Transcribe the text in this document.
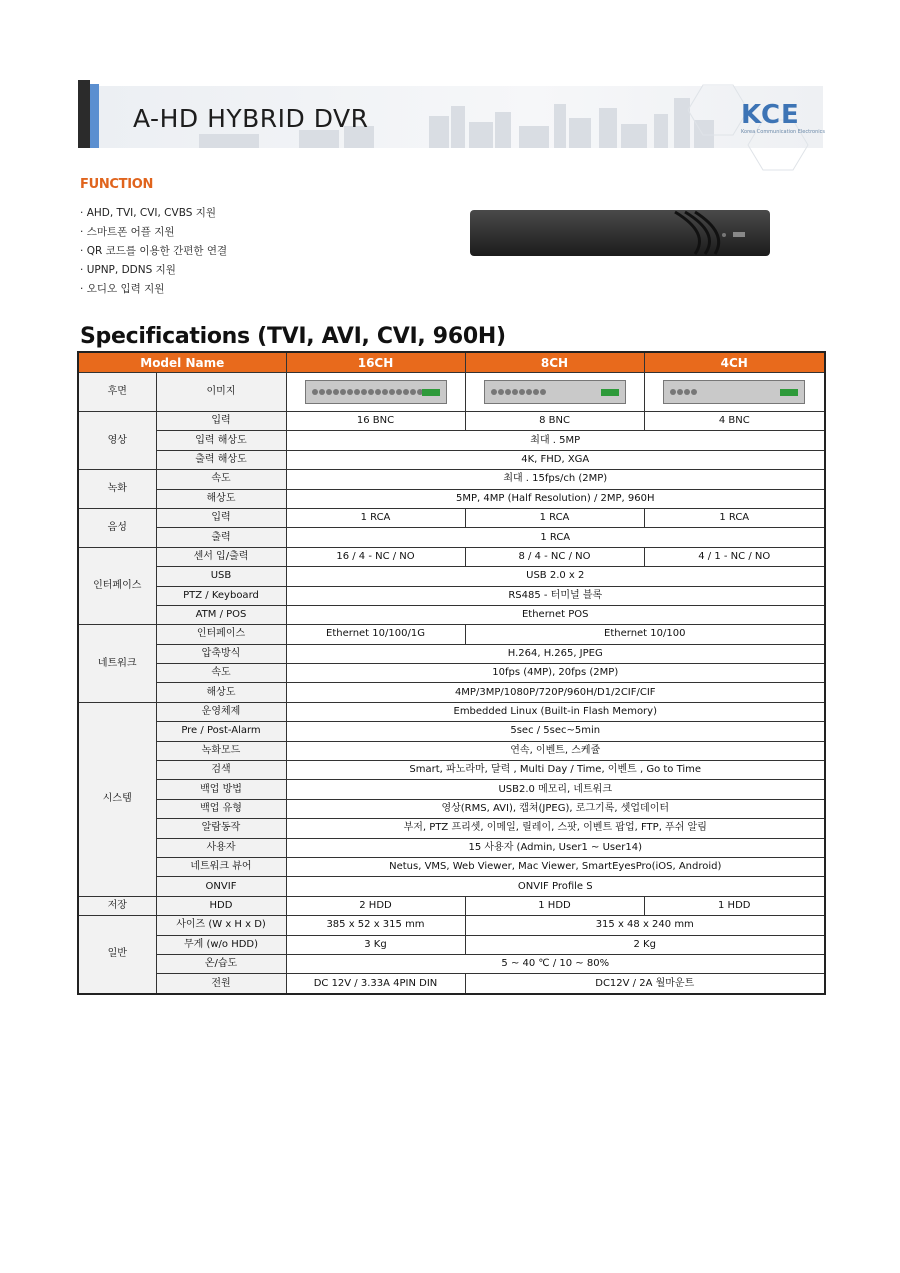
A-HD HYBRID DVR	KCE
Korea Communication Electronics
FUNCTION
· AHD, TVI, CVI, CVBS 지원
· 스마트폰 어플 지원
· QR 코드를 이용한 간편한 연결
· UPNP, DDNS 지원
· 오디오 입력 지원
Specifications (TVI, AVI, CVI, 960H)
Model Name		16CH	8CH	4CH
후면	이미지	

영상	입력	16 BNC	8 BNC	4 BNC
	입력 해상도	최대 . 5MP		
	출력 해상도	4K, FHD, XGA		
녹화	속도	최대 . 15fps/ch (2MP)		
	해상도	5MP, 4MP (Half Resolution) / 2MP, 960H		
음성	입력	1 RCA	1 RCA	1 RCA
	출력	1 RCA		
인터페이스	센서 입/출력	16 / 4 - NC / NO	8 / 4 - NC / NO	4 / 1 - NC / NO
	USB	USB 2.0 x 2		
	PTZ / Keyboard	RS485 - 터미널 블록		
	ATM / POS	Ethernet POS		
네트워크	인터페이스	Ethernet 10/100/1G	Ethernet 10/100	
	압축방식	H.264, H.265, JPEG		
	속도	10fps (4MP), 20fps (2MP)		
	해상도	4MP/3MP/1080P/720P/960H/D1/2CIF/CIF		
시스템	운영체제	Embedded Linux (Built-in Flash Memory)		
	Pre / Post-Alarm	5sec / 5sec~5min		
	녹화모드	연속, 이벤트, 스케쥴		
	검색	Smart, 파노라마, 달력 , Multi Day / Time, 이벤트 , Go to Time		
	백업 방법	USB2.0 메모리, 네트워크		
	백업 유형	영상(RMS, AVI), 캡쳐(JPEG), 로그기록, 셋업데이터		
	알람동작	부저, PTZ 프리셋, 이메일, 릴레이, 스팟, 이벤트 팝업, FTP, 푸쉬 알림		
	사용자	15 사용자 (Admin, User1 ~ User14)		
	네트워크 뷰어	Netus, VMS, Web Viewer, Mac Viewer, SmartEyesPro(iOS, Android)		
	ONVIF	ONVIF Profile S		
저장	HDD	2 HDD	1 HDD	1 HDD
일반	사이즈 (W x H x D)	385 x 52 x 315 mm	315 x 48 x 240 mm	
	무게 (w/o HDD)	3 Kg	2 Kg	
	온/습도	5 ~ 40 ℃ / 10 ~ 80%		
	전원	DC 12V / 3.33A 4PIN DIN	DC12V / 2A 월마운트	
